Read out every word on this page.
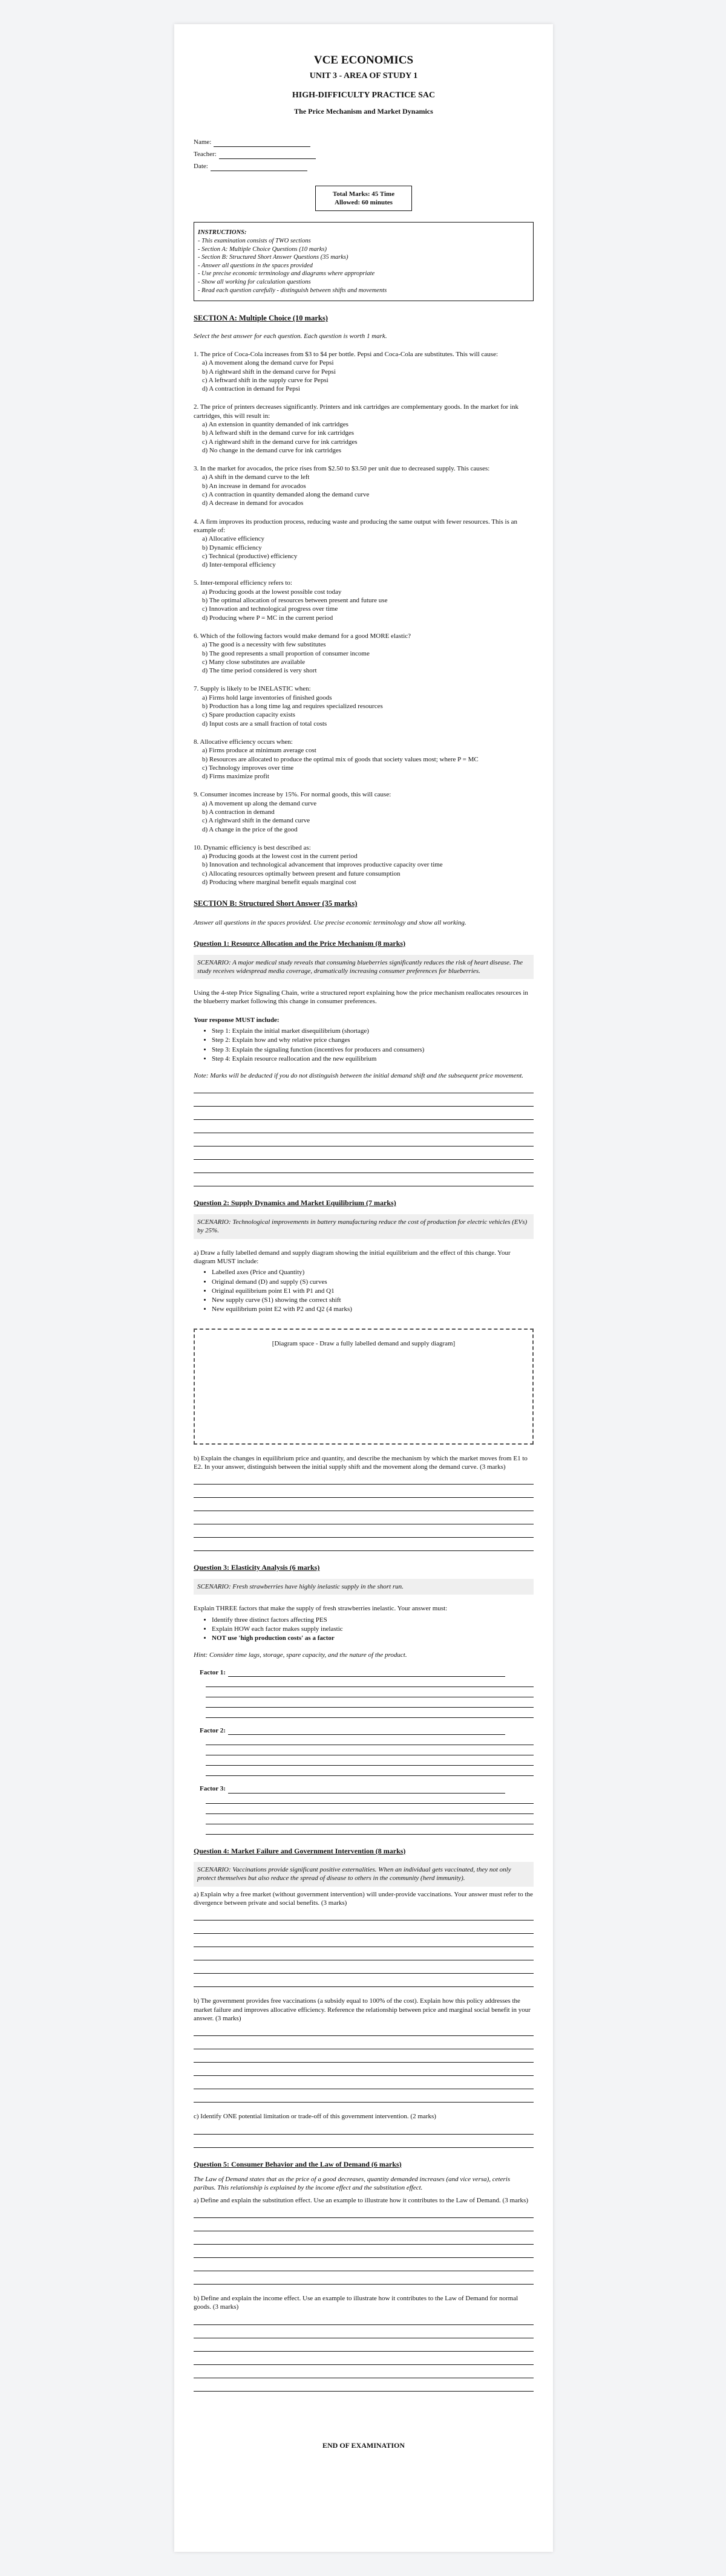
VCE ECONOMICS
UNIT 3 - AREA OF STUDY 1
HIGH-DIFFICULTY PRACTICE SAC
The Price Mechanism and Market Dynamics
Name:
Teacher:
Date:
Total Marks: 45 Time
Allowed: 60 minutes
INSTRUCTIONS:
- This examination consists of TWO sections
- Section A: Multiple Choice Questions (10 marks)
- Section B: Structured Short Answer Questions (35 marks)
- Answer all questions in the spaces provided
- Use precise economic terminology and diagrams where appropriate
- Show all working for calculation questions
- Read each question carefully - distinguish between shifts and movements
SECTION A: Multiple Choice (10 marks)
Select the best answer for each question. Each question is worth 1 mark.
1. The price of Coca-Cola increases from $3 to $4 per bottle. Pepsi and Coca-Cola are substitutes. This will cause:
a) A movement along the demand curve for Pepsi
b) A rightward shift in the demand curve for Pepsi
c) A leftward shift in the supply curve for Pepsi
d) A contraction in demand for Pepsi
2. The price of printers decreases significantly. Printers and ink cartridges are complementary goods. In the market for ink cartridges, this will result in:
a) An extension in quantity demanded of ink cartridges
b) A leftward shift in the demand curve for ink cartridges
c) A rightward shift in the demand curve for ink cartridges
d) No change in the demand curve for ink cartridges
3. In the market for avocados, the price rises from $2.50 to $3.50 per unit due to decreased supply. This causes:
a) A shift in the demand curve to the left
b) An increase in demand for avocados
c) A contraction in quantity demanded along the demand curve
d) A decrease in demand for avocados
4. A firm improves its production process, reducing waste and producing the same output with fewer resources. This is an example of:
a) Allocative efficiency
b) Dynamic efficiency
c) Technical (productive) efficiency
d) Inter-temporal efficiency
5. Inter-temporal efficiency refers to:
a) Producing goods at the lowest possible cost today
b) The optimal allocation of resources between present and future use
c) Innovation and technological progress over time
d) Producing where P = MC in the current period
6. Which of the following factors would make demand for a good MORE elastic?
a) The good is a necessity with few substitutes
b) The good represents a small proportion of consumer income
c) Many close substitutes are available
d) The time period considered is very short
7. Supply is likely to be INELASTIC when:
a) Firms hold large inventories of finished goods
b) Production has a long time lag and requires specialized resources
c) Spare production capacity exists
d) Input costs are a small fraction of total costs
8. Allocative efficiency occurs when:
a) Firms produce at minimum average cost
b) Resources are allocated to produce the optimal mix of goods that society values most; where P = MC
c) Technology improves over time
d) Firms maximize profit
9. Consumer incomes increase by 15%. For normal goods, this will cause:
a) A movement up along the demand curve
b) A contraction in demand
c) A rightward shift in the demand curve
d) A change in the price of the good
10. Dynamic efficiency is best described as:
a) Producing goods at the lowest cost in the current period
b) Innovation and technological advancement that improves productive capacity over time
c) Allocating resources optimally between present and future consumption
d) Producing where marginal benefit equals marginal cost
SECTION B: Structured Short Answer (35 marks)
Answer all questions in the spaces provided. Use precise economic terminology and show all working.
Question 1: Resource Allocation and the Price Mechanism (8 marks)
SCENARIO: A major medical study reveals that consuming blueberries significantly reduces the risk of heart disease. The study receives widespread media coverage, dramatically increasing consumer preferences for blueberries.
Using the 4-step Price Signaling Chain, write a structured report explaining how the price mechanism reallocates resources in the blueberry market following this change in consumer preferences.
Your response MUST include:
• Step 1: Explain the initial market disequilibrium (shortage)
• Step 2: Explain how and why relative price changes
• Step 3: Explain the signaling function (incentives for producers and consumers)
• Step 4: Explain resource reallocation and the new equilibrium
Note: Marks will be deducted if you do not distinguish between the initial demand shift and the subsequent price movement.
Question 2: Supply Dynamics and Market Equilibrium (7 marks)
SCENARIO: Technological improvements in battery manufacturing reduce the cost of production for electric vehicles (EVs) by 25%.
a) Draw a fully labelled demand and supply diagram showing the initial equilibrium and the effect of this change. Your diagram MUST include:
• Labelled axes (Price and Quantity)
• Original demand (D) and supply (S) curves
• Original equilibrium point E1 with P1 and Q1
• New supply curve (S1) showing the correct shift
• New equilibrium point E2 with P2 and Q2 (4 marks)
[Diagram space - Draw a fully labelled demand and supply diagram]
b) Explain the changes in equilibrium price and quantity, and describe the mechanism by which the market moves from E1 to E2. In your answer, distinguish between the initial supply shift and the movement along the demand curve. (3 marks)
Question 3: Elasticity Analysis (6 marks)
SCENARIO: Fresh strawberries have highly inelastic supply in the short run.
Explain THREE factors that make the supply of fresh strawberries inelastic. Your answer must:
• Identify three distinct factors affecting PES
• Explain HOW each factor makes supply inelastic
• NOT use 'high production costs' as a factor
Hint: Consider time lags, storage, spare capacity, and the nature of the product.
Factor 1:
Factor 2:
Factor 3:
Question 4: Market Failure and Government Intervention (8 marks)
SCENARIO: Vaccinations provide significant positive externalities. When an individual gets vaccinated, they not only protect themselves but also reduce the spread of disease to others in the community (herd immunity).
a) Explain why a free market (without government intervention) will under-provide vaccinations. Your answer must refer to the divergence between private and social benefits. (3 marks)
b) The government provides free vaccinations (a subsidy equal to 100% of the cost). Explain how this policy addresses the market failure and improves allocative efficiency. Reference the relationship between price and marginal social benefit in your answer. (3 marks)
c) Identify ONE potential limitation or trade-off of this government intervention. (2 marks)
Question 5: Consumer Behavior and the Law of Demand (6 marks)
The Law of Demand states that as the price of a good decreases, quantity demanded increases (and vice versa), ceteris paribus. This relationship is explained by the income effect and the substitution effect.
a) Define and explain the substitution effect. Use an example to illustrate how it contributes to the Law of Demand. (3 marks)
b) Define and explain the income effect. Use an example to illustrate how it contributes to the Law of Demand for normal goods. (3 marks)
END OF EXAMINATION
